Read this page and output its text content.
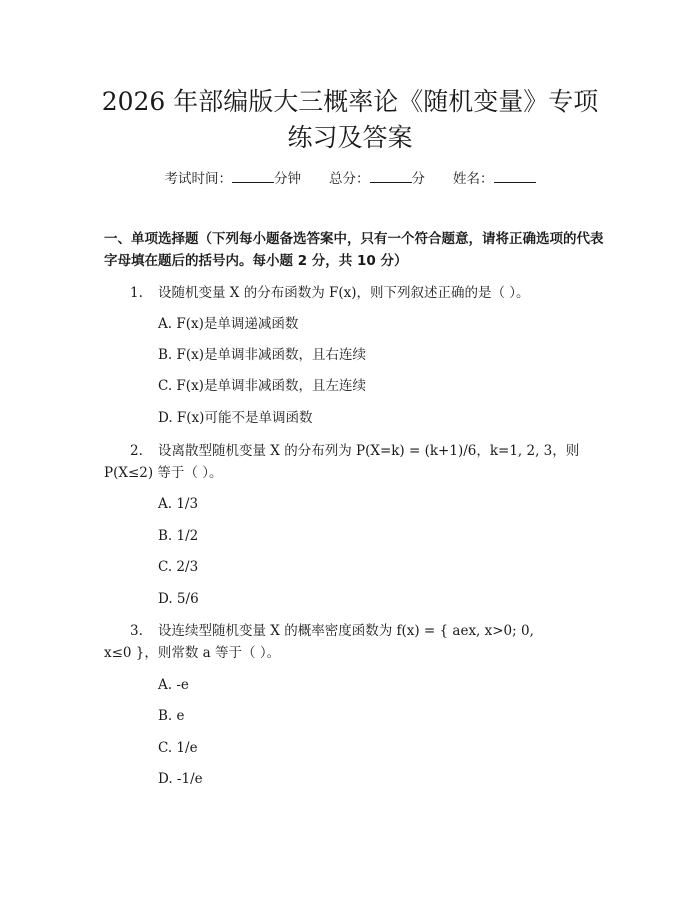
2026 年部编版大三概率论《随机变量》专项
练习及答案
考试时间：	分钟 总分：	分 姓名：
一、单项选择题（下列每小题备选答案中，只有一个符合题意，请将正确选项的代表字母填在题后的括号内。每小题 2 分，共 10 分）
1. 设随机变量 X 的分布函数为 F(x)，则下列叙述正确的是（ ）。
A. F(x)是单调递减函数
B. F(x)是单调非减函数，且右连续
C. F(x)是单调非减函数，且左连续
D. F(x)可能不是单调函数
2. 设离散型随机变量 X 的分布列为 P(X=k) = (k+1)/6，k=1, 2, 3，则
P(X≤2) 等于（ ）。
A. 1/3
B. 1/2
C. 2/3
D. 5/6
3. 设连续型随机变量 X 的概率密度函数为 f(x) = { aex, x>0; 0,
x≤0 }，则常数 a 等于（ ）。
A. -e
B. e
C. 1/e
D. -1/e
